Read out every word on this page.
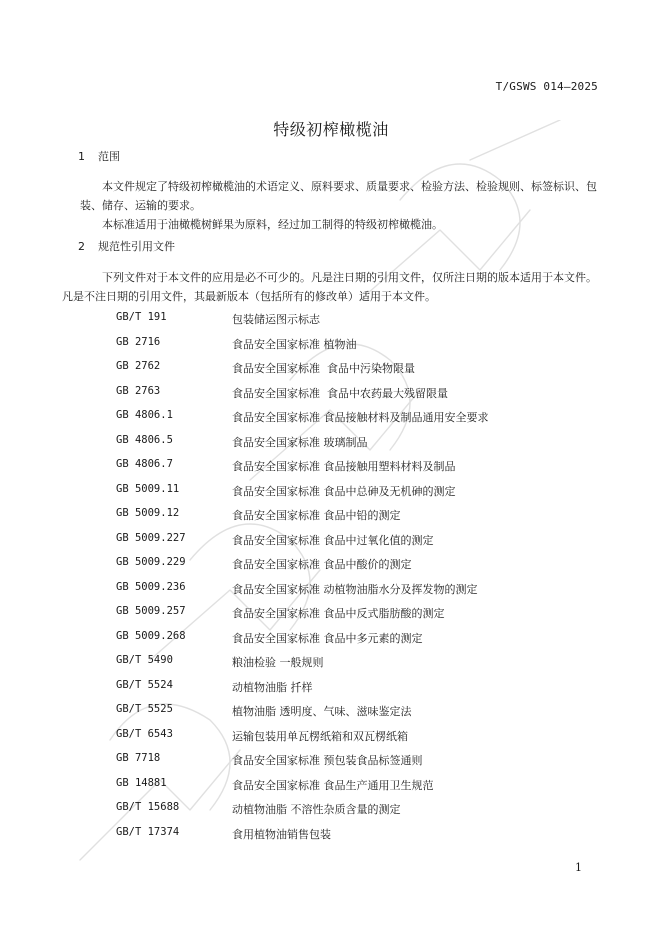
T/GSWS 014—2025
特级初榨橄榄油
1 范围

本文件规定了特级初榨橄榄油的术语定义、原料要求、质量要求、检验方法、检验规则、标签标识、包装、储存、运输的要求。

本标准适用于油橄榄树鲜果为原料，经过加工制得的特级初榨橄榄油。

2 规范性引用文件

下列文件对于本文件的应用是必不可少的。凡是注日期的引用文件，仅所注日期的版本适用于本文件。凡是不注日期的引用文件，其最新版本（包括所有的修改单）适用于本文件。

GB/T 191	包装储运图示标志
GB 2716	食品安全国家标准 植物油
GB 2762	食品安全国家标准  食品中污染物限量
GB 2763	食品安全国家标准  食品中农药最大残留限量
GB 4806.1	食品安全国家标准 食品接触材料及制品通用安全要求
GB 4806.5	食品安全国家标准 玻璃制品
GB 4806.7	食品安全国家标准 食品接触用塑料材料及制品
GB 5009.11	食品安全国家标准 食品中总砷及无机砷的测定
GB 5009.12	食品安全国家标准 食品中铅的测定
GB 5009.227	食品安全国家标准 食品中过氧化值的测定
GB 5009.229	食品安全国家标准 食品中酸价的测定
GB 5009.236	食品安全国家标准 动植物油脂水分及挥发物的测定
GB 5009.257	食品安全国家标准 食品中反式脂肪酸的测定
GB 5009.268	食品安全国家标准 食品中多元素的测定
GB/T 5490	粮油检验 一般规则
GB/T 5524	动植物油脂 扦样
GB/T 5525	植物油脂 透明度、气味、滋味鉴定法
GB/T 6543	运输包装用单瓦楞纸箱和双瓦楞纸箱
GB 7718	食品安全国家标准 预包装食品标签通则
GB 14881	食品安全国家标准 食品生产通用卫生规范
GB/T 15688	动植物油脂 不溶性杂质含量的测定
GB/T 17374	食用植物油销售包装
1
